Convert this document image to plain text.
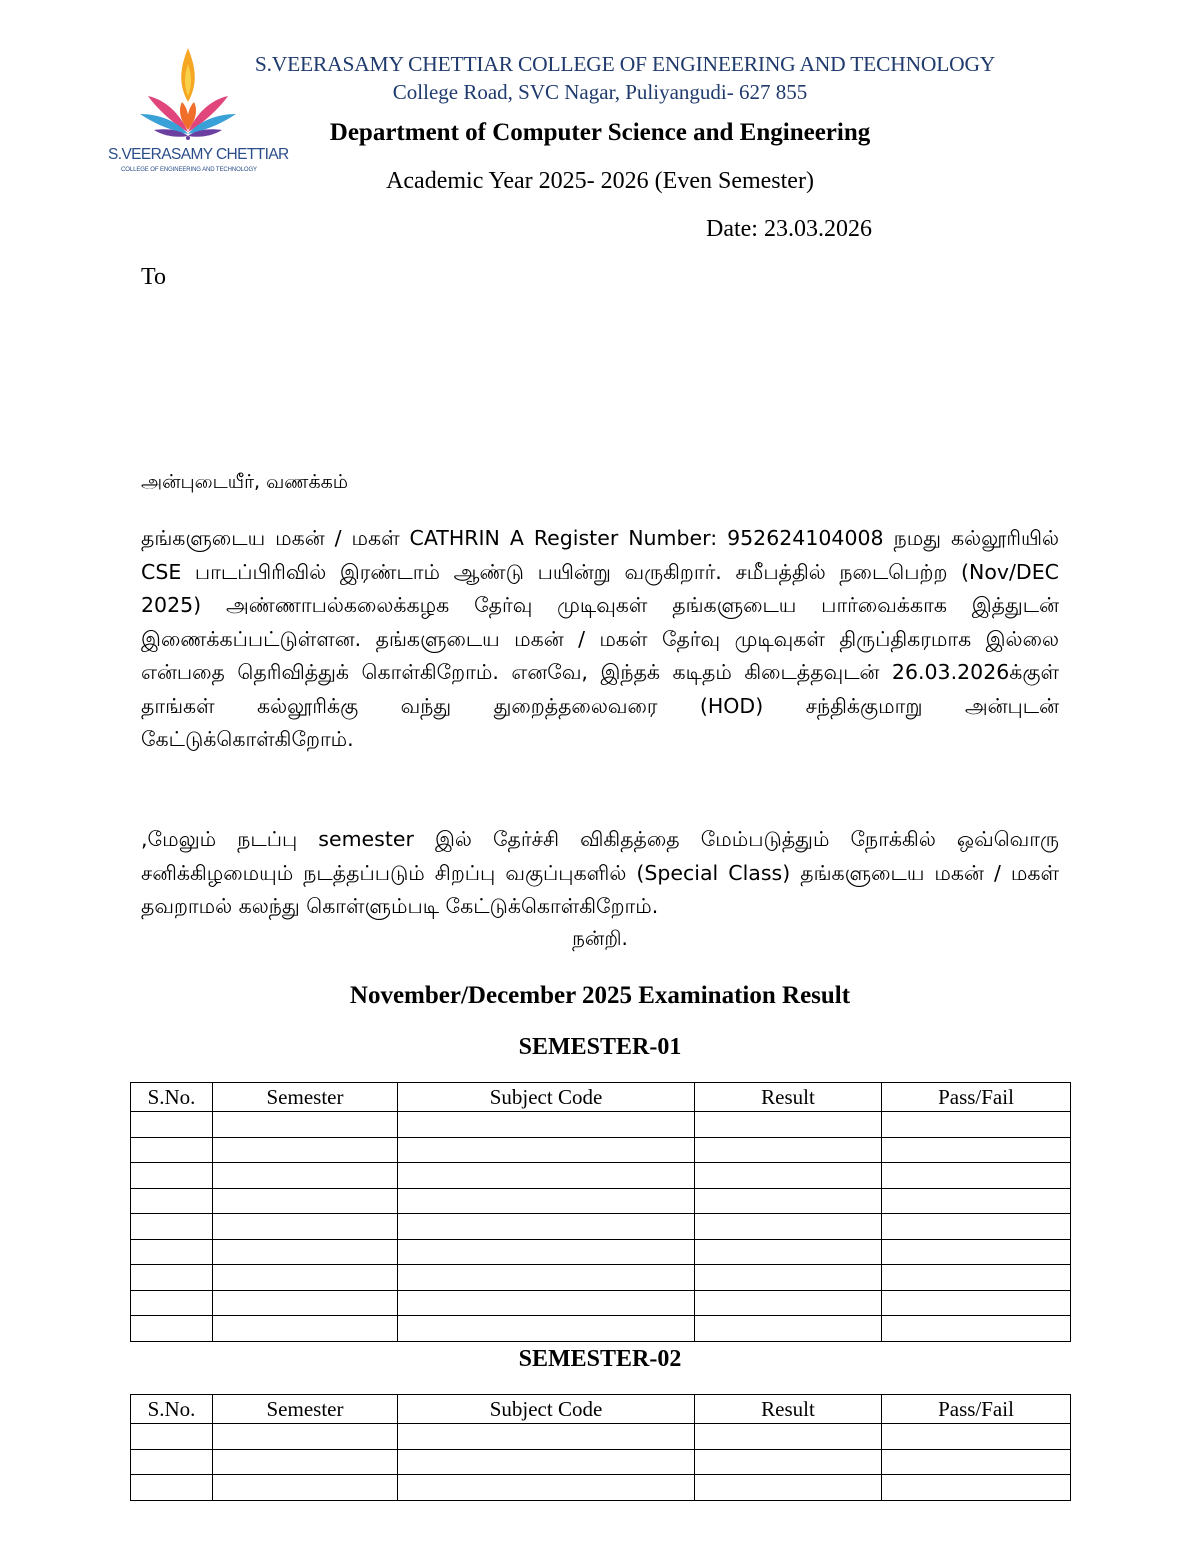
S.VEERASAMY CHETTIAR
COLLEGE OF ENGINEERING AND TECHNOLOGY
S.VEERASAMY CHETTIAR COLLEGE OF ENGINEERING AND TECHNOLOGY
College Road, SVC Nagar, Puliyangudi- 627 855
Department of Computer Science and Engineering
Academic Year 2025- 2026 (Even Semester)
Date: 23.03.2026
To
அன்புடையீர், வணக்கம்
தங்களுடைய மகன் / மகள் CATHRIN A Register Number: 952624104008 நமது கல்லூரியில் CSE பாடப்பிரிவில் இரண்டாம் ஆண்டு பயின்று வருகிறார். சமீபத்தில் நடைபெற்ற (Nov/DEC 2025) அண்ணாபல்கலைக்கழக தேர்வு முடிவுகள் தங்களுடைய பார்வைக்காக இத்துடன் இணைக்கப்பட்டுள்ளன. தங்களுடைய மகன் / மகள் தேர்வு முடிவுகள் திருப்திகரமாக இல்லை என்பதை தெரிவித்துக் கொள்கிறோம். எனவே, இந்தக் கடிதம் கிடைத்தவுடன் 26.03.2026க்குள் தாங்கள் கல்லூரிக்கு வந்து துறைத்தலைவரை (HOD) சந்திக்குமாறு அன்புடன் கேட்டுக்கொள்கிறோம்.
,மேலும் நடப்பு semester இல் தேர்ச்சி விகிதத்தை மேம்படுத்தும் நோக்கில் ஒவ்வொரு சனிக்கிழமையும் நடத்தப்படும் சிறப்பு வகுப்புகளில் (Special Class) தங்களுடைய மகன் / மகள் தவறாமல் கலந்து கொள்ளும்படி கேட்டுக்கொள்கிறோம்.
நன்றி.
November/December 2025 Examination Result
SEMESTER-01
S.No.	Semester	Subject Code	Result	Pass/Fail

SEMESTER-02
S.No.	Semester	Subject Code	Result	Pass/Fail
